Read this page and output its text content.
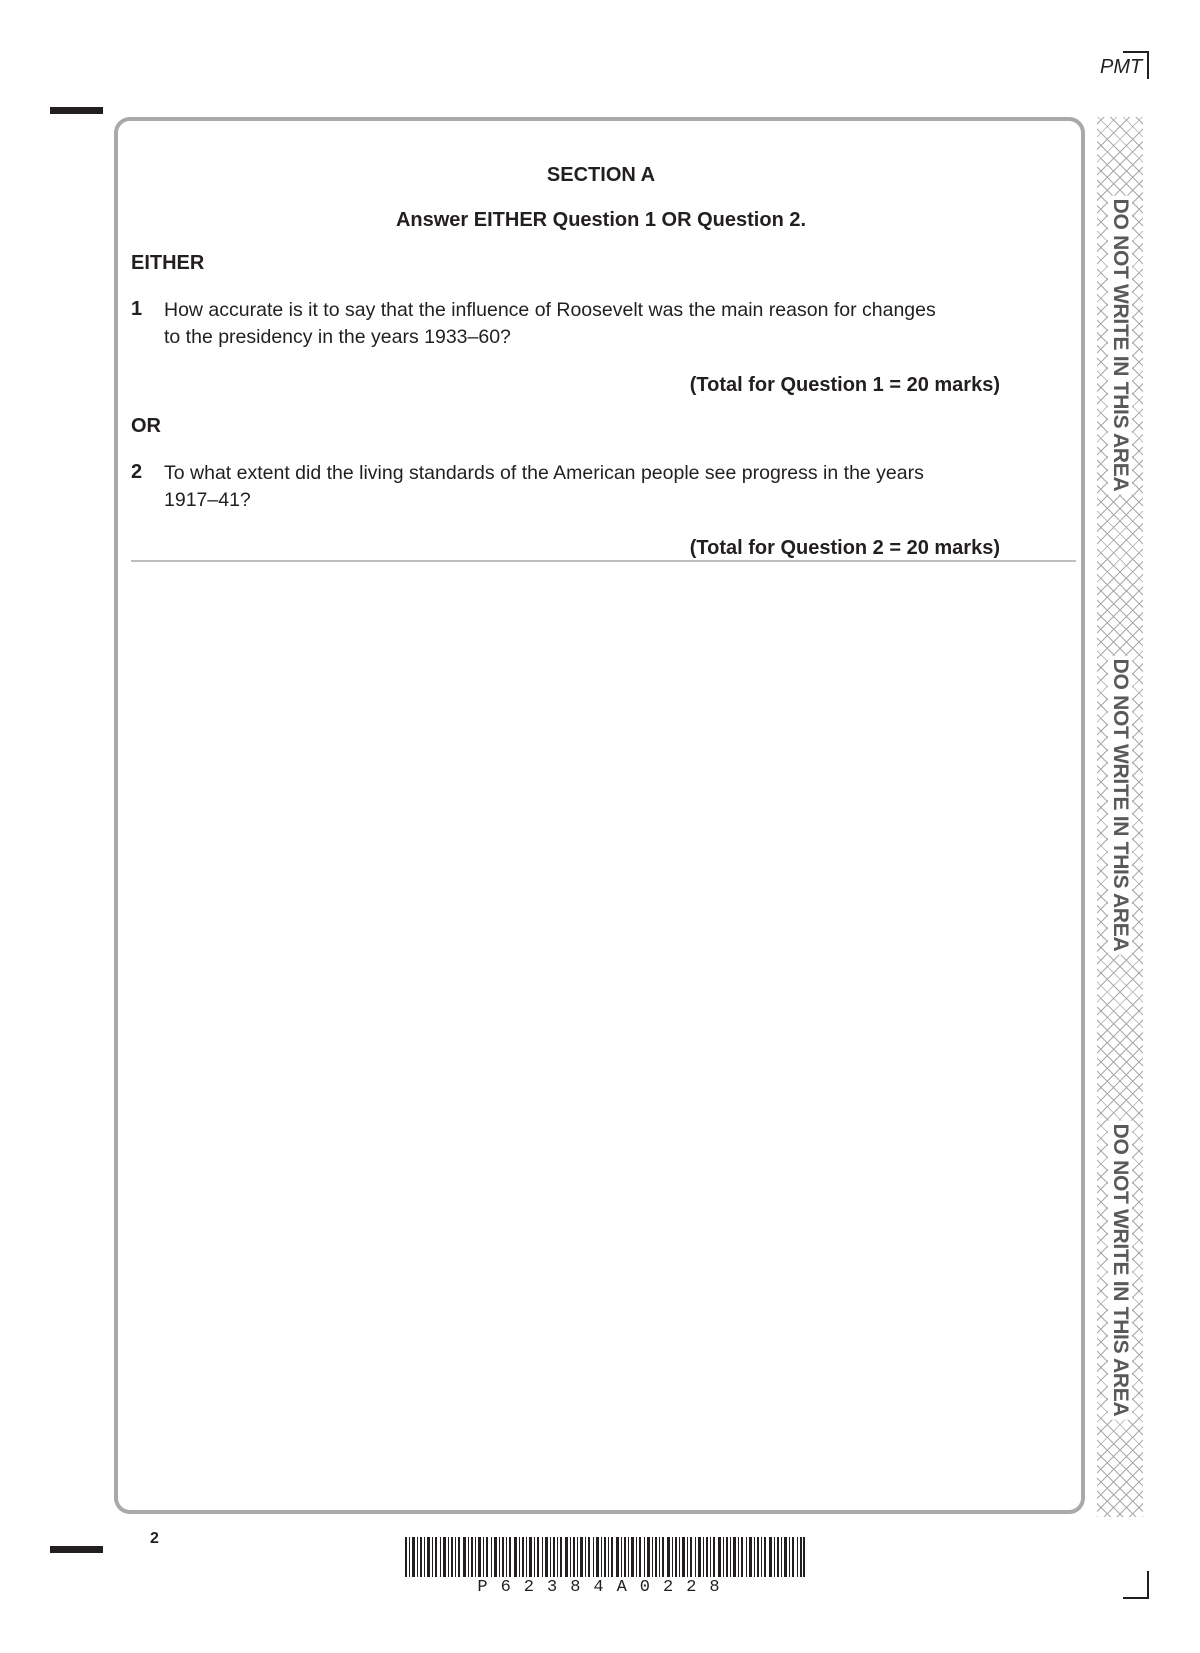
PMT
DO NOT WRITE IN THIS AREA
DO NOT WRITE IN THIS AREA
DO NOT WRITE IN THIS AREA
SECTION A
Answer EITHER Question 1 OR Question 2.
EITHER
1 How accurate is it to say that the influence of Roosevelt was the main reason for changes to the presidency in the years 1933–60?
(Total for Question 1 = 20 marks)
OR
2 To what extent did the living standards of the American people see progress in the years 1917–41?
(Total for Question 2 = 20 marks)
2
P62384A0228
